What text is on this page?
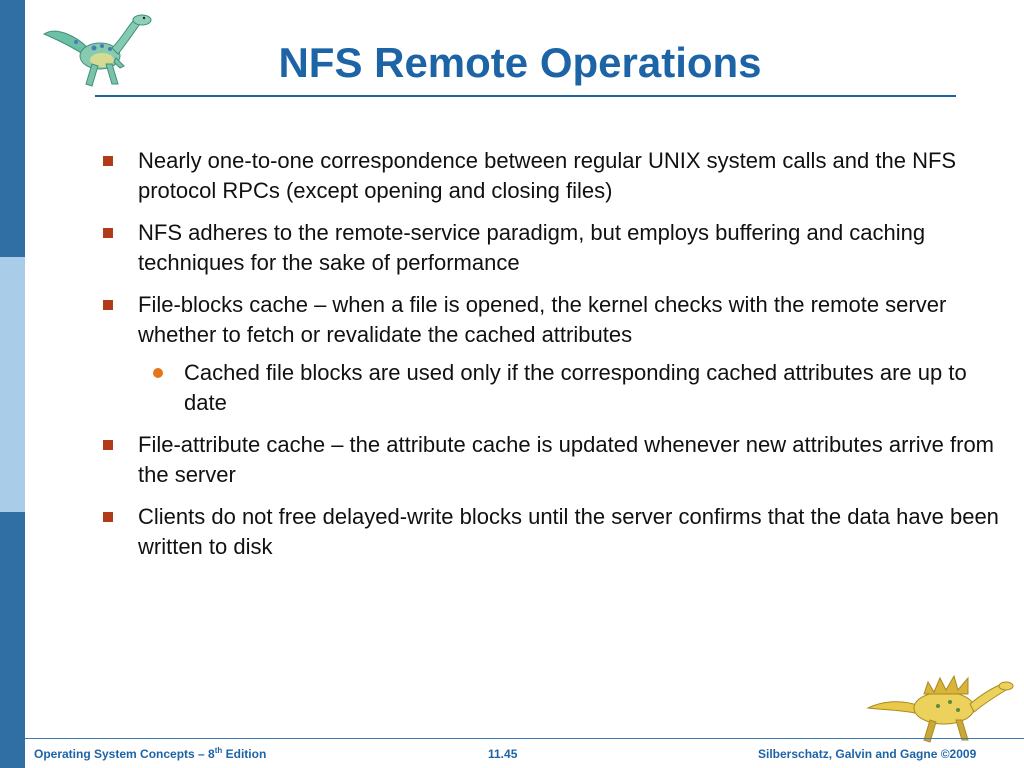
NFS Remote Operations
Nearly one-to-one correspondence between regular UNIX system calls and the NFS protocol RPCs (except opening and closing files)
NFS adheres to the remote-service paradigm, but employs buffering and caching techniques for the sake of performance
File-blocks cache – when a file is opened, the kernel checks with the remote server whether to fetch or revalidate the cached attributes
Cached file blocks are used only if the corresponding cached attributes are up to date
File-attribute cache – the attribute cache is updated whenever new attributes arrive from the server
Clients do not free delayed-write blocks until the server confirms that the data have been written to disk
Operating System Concepts – 8th Edition	11.45	Silberschatz, Galvin and Gagne ©2009
